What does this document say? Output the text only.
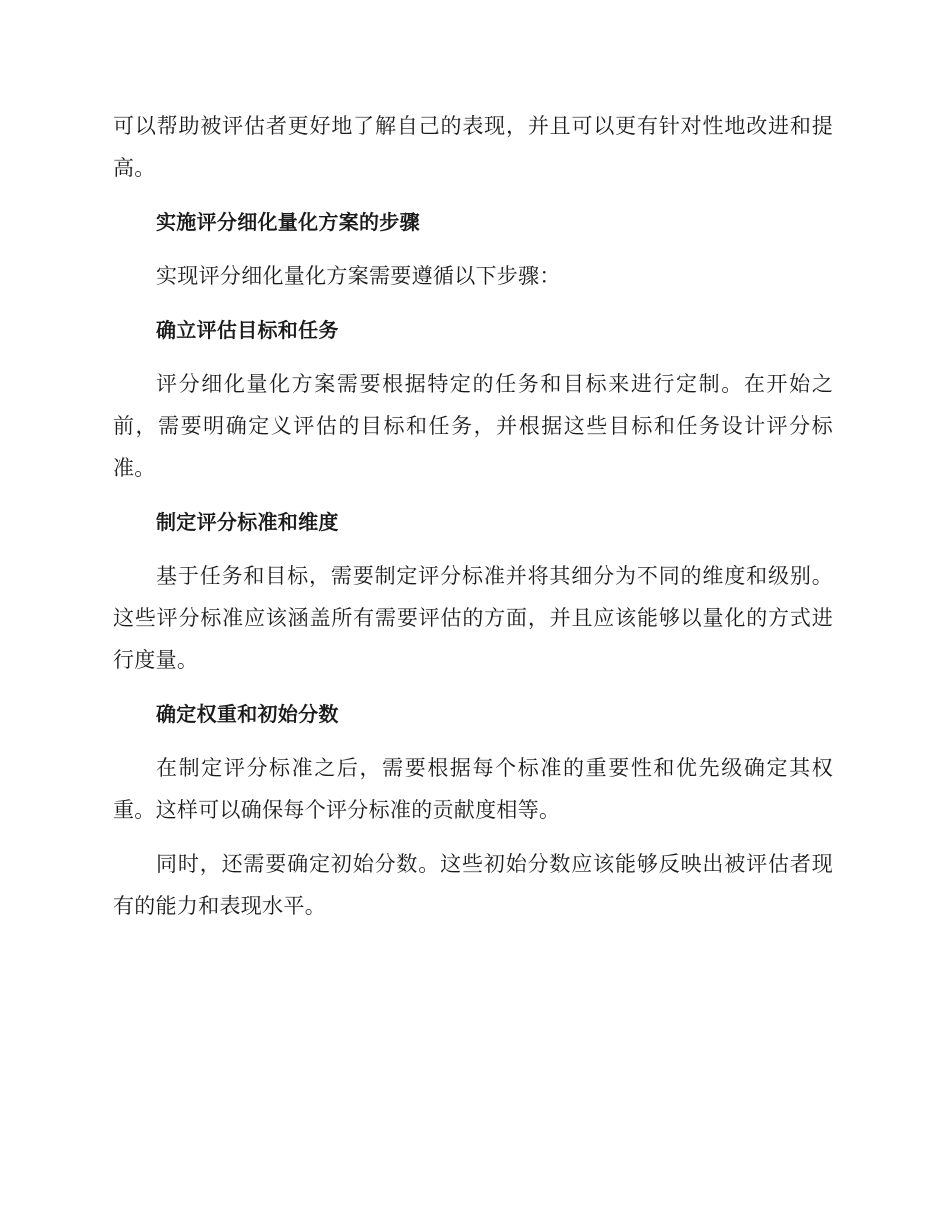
可以帮助被评估者更好地了解自己的表现，并且可以更有针对性地改进和提高。

实施评分细化量化方案的步骤

实现评分细化量化方案需要遵循以下步骤：

确立评估目标和任务

评分细化量化方案需要根据特定的任务和目标来进行定制。在开始之前，需要明确定义评估的目标和任务，并根据这些目标和任务设计评分标准。

制定评分标准和维度

基于任务和目标，需要制定评分标准并将其细分为不同的维度和级别。这些评分标准应该涵盖所有需要评估的方面，并且应该能够以量化的方式进行度量。

确定权重和初始分数

在制定评分标准之后，需要根据每个标准的重要性和优先级确定其权重。这样可以确保每个评分标准的贡献度相等。

同时，还需要确定初始分数。这些初始分数应该能够反映出被评估者现有的能力和表现水平。
